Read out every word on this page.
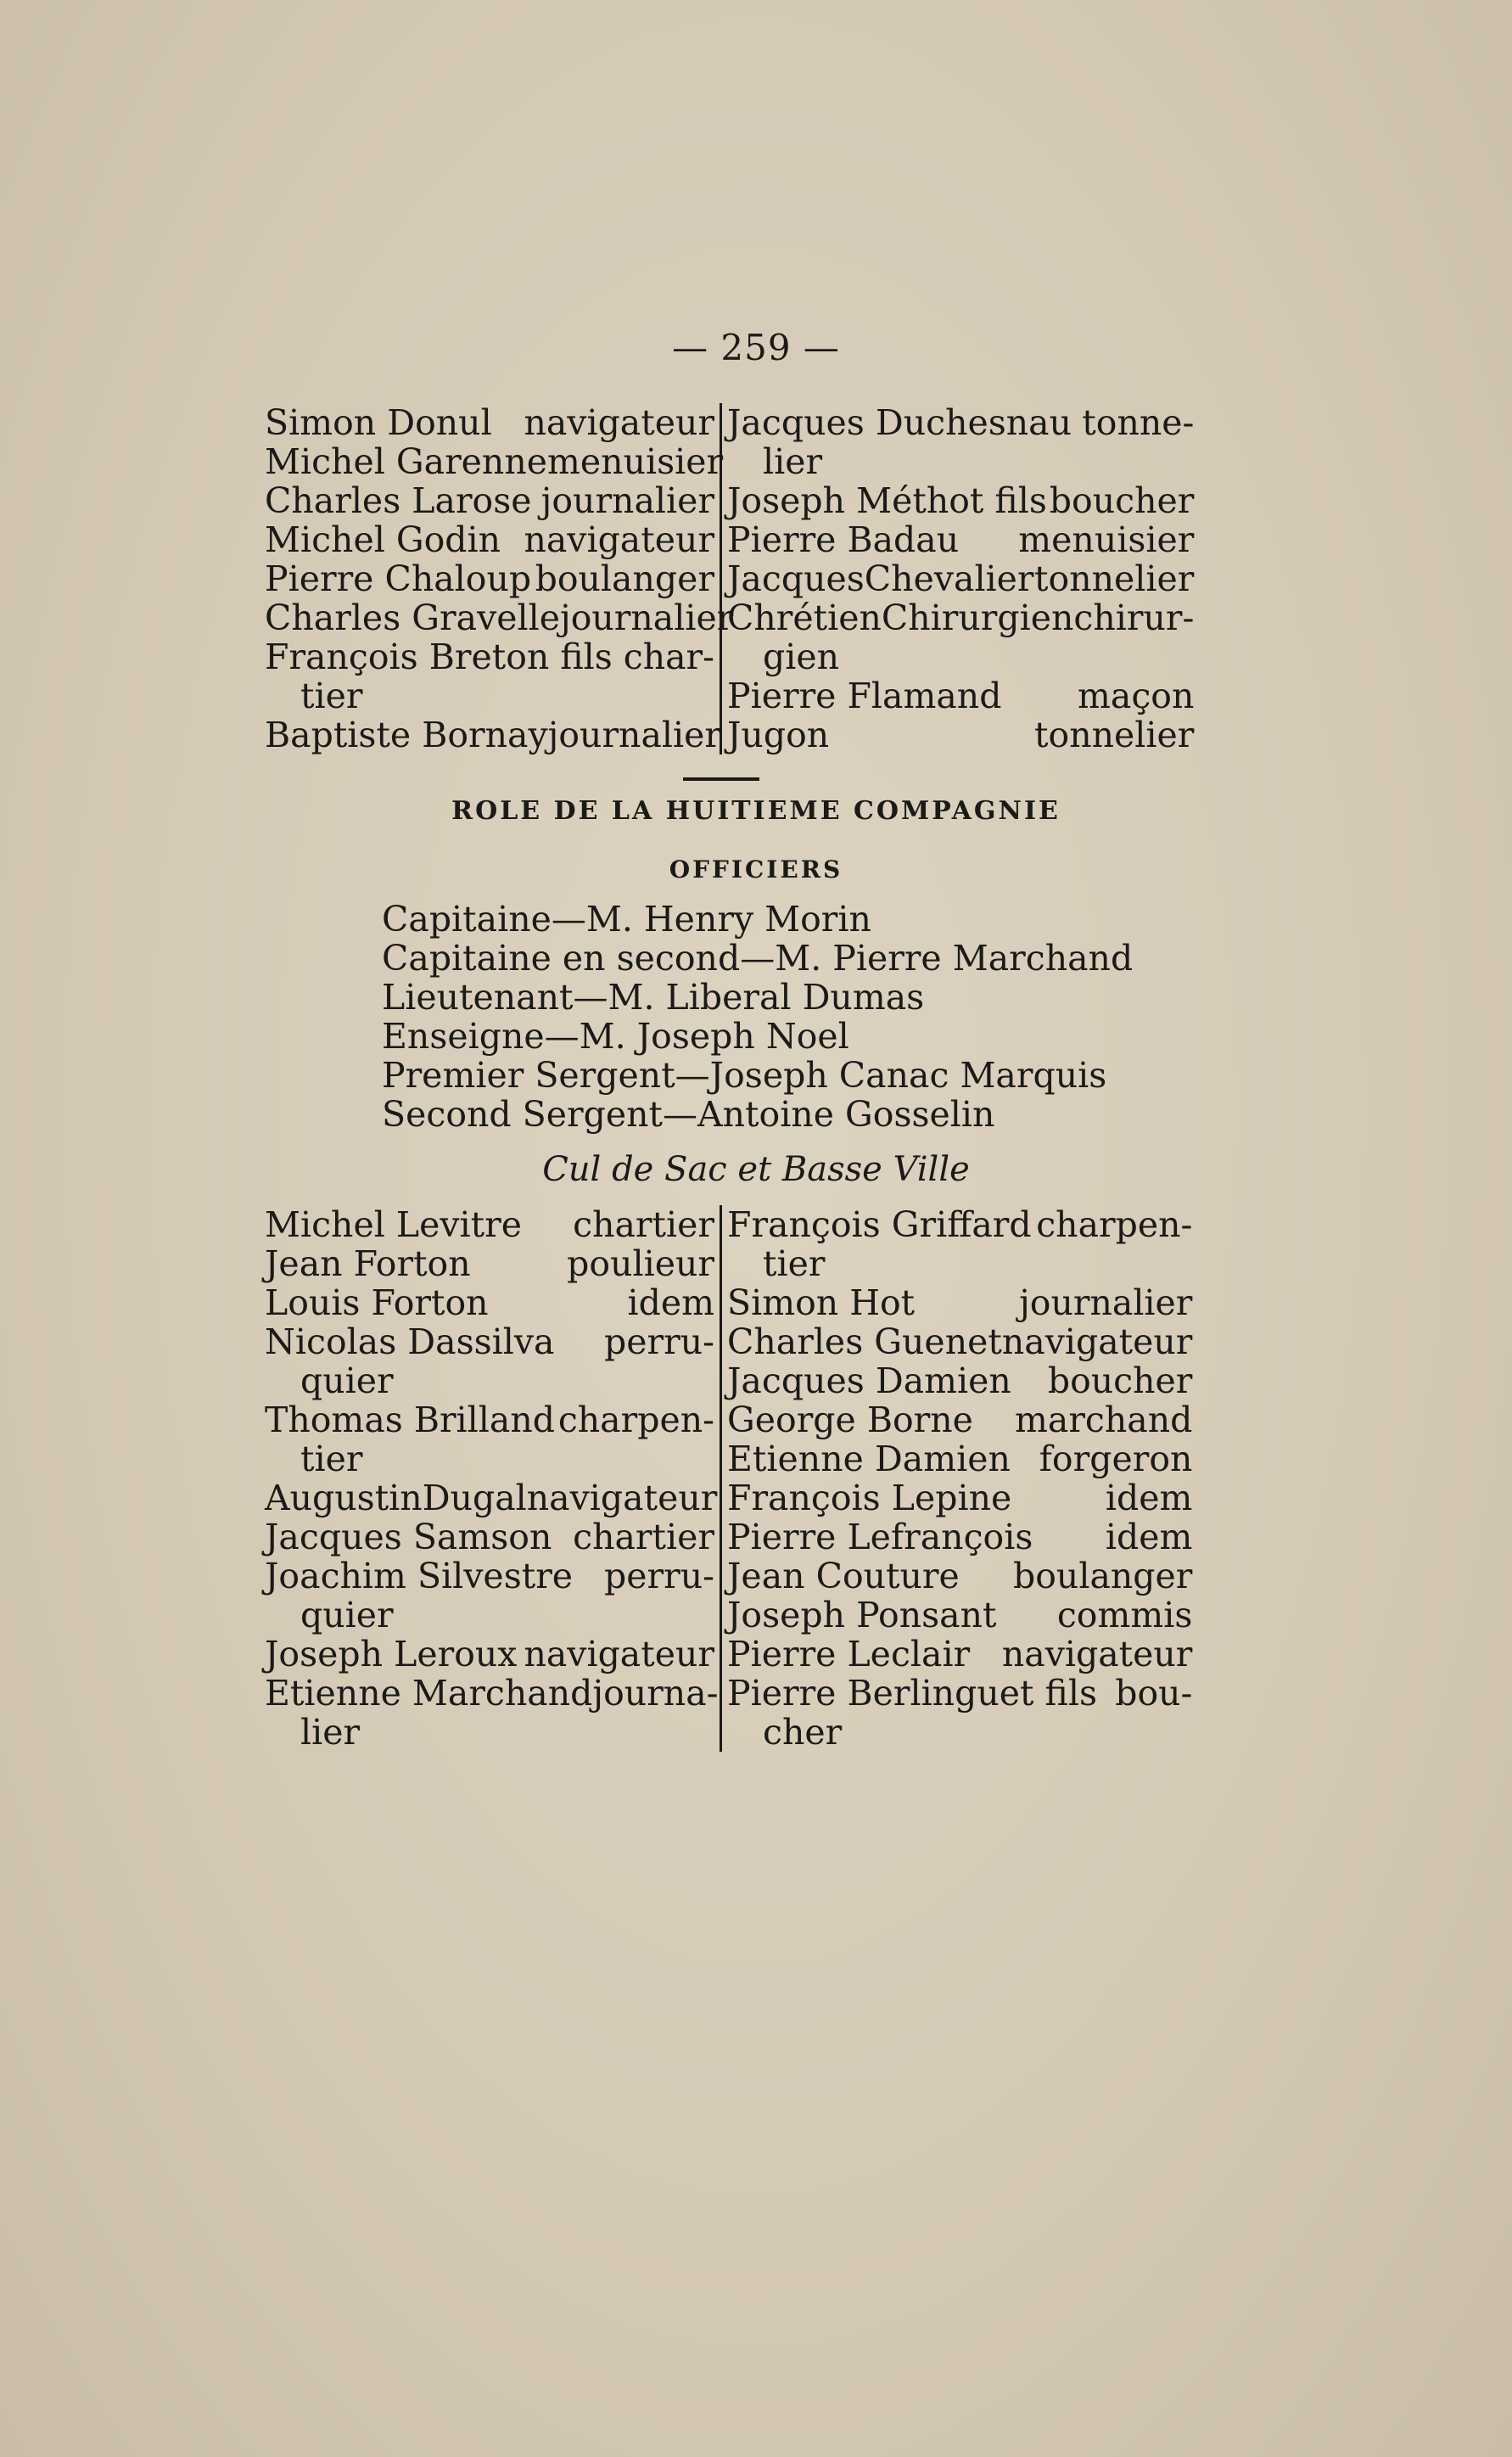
— 259 —
Simon Donul navigateur
Michel Garenne menuisier
Charles Larose journalier
Michel Godin navigateur
Pierre Chaloup boulanger
Charles Gravelle journalier
François Breton fils char-
tier
Baptiste Bornay journalier
Jacques Duchesnau tonne-
lier
Joseph Méthot fils boucher
Pierre Badau menuisier
JacquesChevalier tonnelier
ChrétienChirurgien chirur-
gien
Pierre Flamand maçon
Jugon	tonnelier
ROLE DE LA HUITIEME COMPAGNIE
OFFICIERS
Capitaine—M. Henry Morin
Capitaine en second—M. Pierre Marchand
Lieutenant—M. Liberal Dumas
Enseigne—M. Joseph Noel
Premier Sergent—Joseph Canac Marquis
Second Sergent—Antoine Gosselin
Cul de Sac et Basse Ville
Michel Levitre chartier
Jean Forton	poulieur
Louis Forton	idem
Nicolas Dassilva perru-
quier
Thomas Brilland charpen-
tier
AugustinDugal navigateur
Jacques Samson chartier
Joachim Silvestre perru-
quier
Joseph Leroux navigateur
Etienne Marchand journa-
lier
François Griffard charpen-
tier
Simon Hot	journalier
Charles Guenet navigateur
Jacques Damien boucher
George Borne marchand
Etienne Damien forgeron
François Lepine	idem
Pierre Lefrançois idem
Jean Couture boulanger
Joseph Ponsant commis
Pierre Leclair navigateur
Pierre Berlinguet fils bou-
cher
